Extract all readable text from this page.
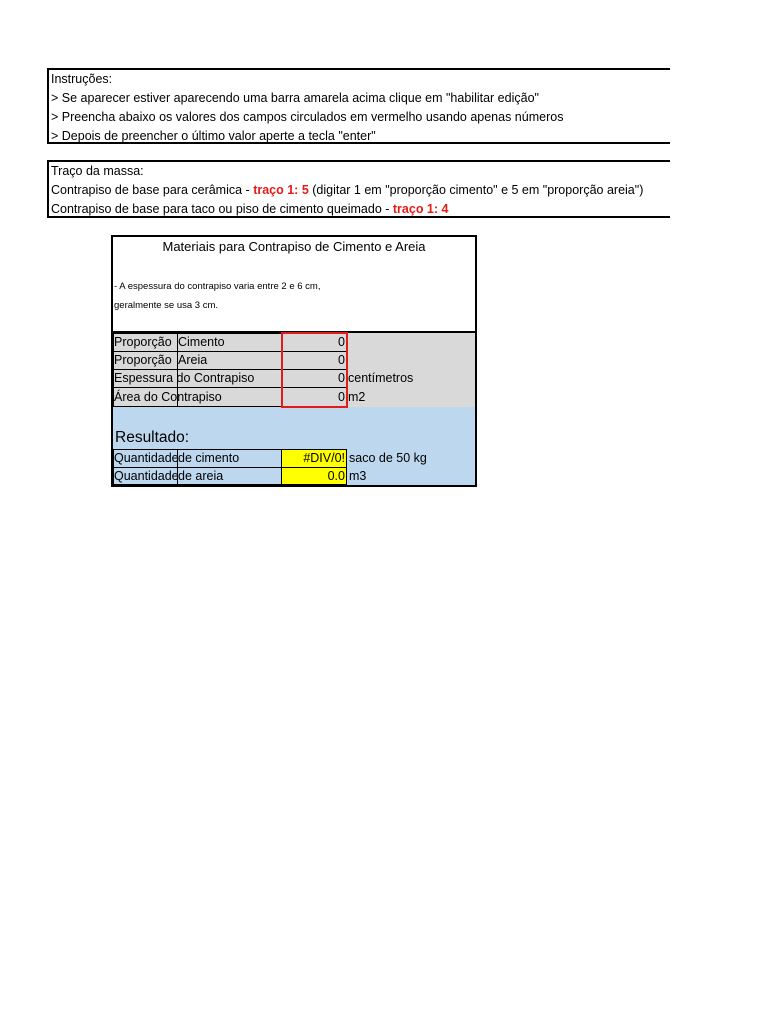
Instruções:
> Se aparecer estiver aparecendo uma barra amarela acima clique em "habilitar edição"
> Preencha abaixo os valores dos campos circulados em vermelho usando apenas números
> Depois de preencher o último valor aperte a tecla "enter"
Traço da massa:
Contrapiso de base para cerâmica - traço 1: 5 (digitar 1 em "proporção cimento" e 5 em "proporção areia")
Contrapiso de base para taco ou piso de cimento queimado - traço 1: 4
Materiais para Contrapiso de Cimento e Areia
- A espessura do contrapiso varia entre 2 e 6 cm,
geralmente se usa 3 cm.
Proporção Cimento	0
Proporção Areia	0
Espessura do Contrapiso	0 centímetros
Área do Contrapiso	0 m2
Resultado:
Quantidade de cimento	#DIV/0! saco de 50 kg
Quantidade de areia	0.0 m3
